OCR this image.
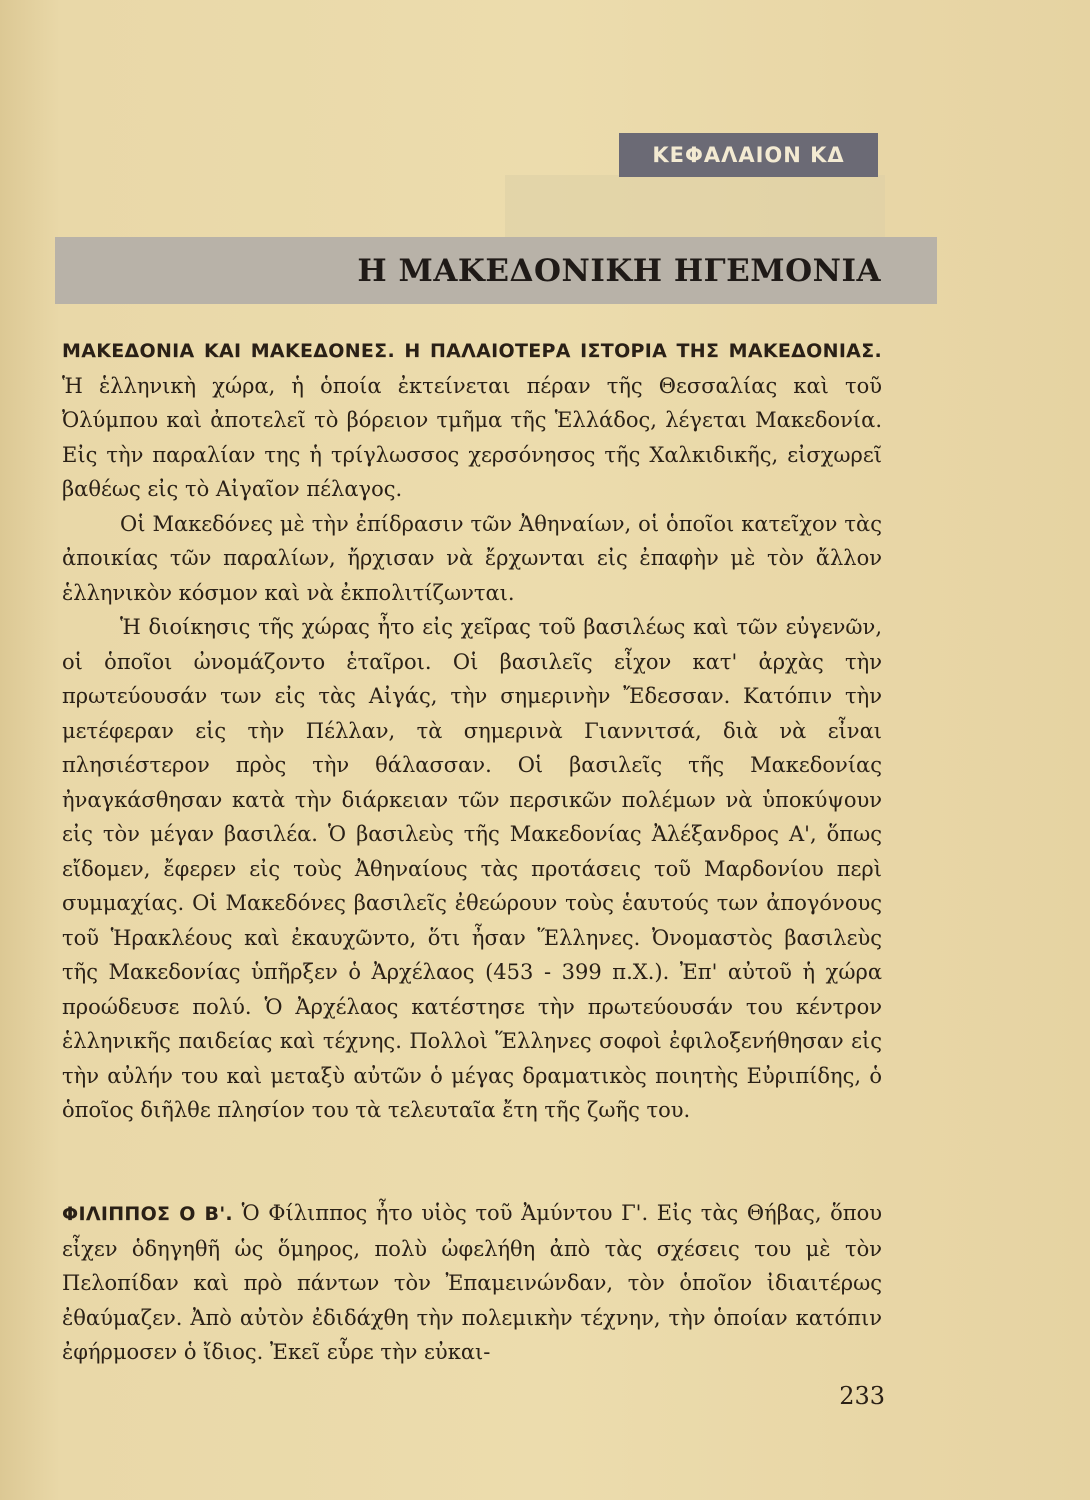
ΚΕΦΑΛΑΙΟΝ ΚΔ
Η ΜΑΚΕΔΟΝΙΚΗ ΗΓΕΜΟΝΙΑ

ΜΑΚΕΔΟΝΙΑ ΚΑΙ ΜΑΚΕΔΟΝΕΣ. Η ΠΑΛΑΙΟΤΕΡΑ ΙΣΤΟΡΙΑ ΤΗΣ ΜΑΚΕΔΟΝΙΑΣ. Ἡ ἑλληνικὴ χώρα, ἡ ὁποία ἐκτείνεται πέραν τῆς Θεσσαλίας καὶ τοῦ Ὀλύμπου καὶ ἀποτελεῖ τὸ βόρειον τμῆμα τῆς Ἑλλάδος, λέγεται Μακεδονία. Εἰς τὴν παραλίαν της ἡ τρίγλωσσος χερσόνησος τῆς Χαλκιδικῆς, εἰσχωρεῖ βαθέως εἰς τὸ Αἰγαῖον πέλαγος.

Οἱ Μακεδόνες μὲ τὴν ἐπίδρασιν τῶν Ἀθηναίων, οἱ ὁποῖοι κατεῖχον τὰς ἀποικίας τῶν παραλίων, ἤρχισαν νὰ ἔρχωνται εἰς ἐπαφὴν μὲ τὸν ἄλλον ἑλληνικὸν κόσμον καὶ νὰ ἐκπολιτίζωνται.

Ἡ διοίκησις τῆς χώρας ἦτο εἰς χεῖρας τοῦ βασιλέως καὶ τῶν εὐγενῶν, οἱ ὁποῖοι ὠνομάζοντο ἑταῖροι. Οἱ βασιλεῖς εἶχον κατ' ἀρχὰς τὴν πρωτεύουσάν των εἰς τὰς Αἰγάς, τὴν σημερινὴν Ἔδεσσαν. Κατόπιν τὴν μετέφεραν εἰς τὴν Πέλλαν, τὰ σημερινὰ Γιαννιτσά, διὰ νὰ εἶναι πλησιέστερον πρὸς τὴν θάλασσαν. Οἱ βασιλεῖς τῆς Μακεδονίας ἠναγκάσθησαν κατὰ τὴν διάρκειαν τῶν περσικῶν πολέμων νὰ ὑποκύψουν εἰς τὸν μέγαν βασιλέα. Ὁ βασιλεὺς τῆς Μακεδονίας Ἀλέξανδρος Α', ὅπως εἴδομεν, ἔφερεν εἰς τοὺς Ἀθηναίους τὰς προτάσεις τοῦ Μαρδονίου περὶ συμμαχίας. Οἱ Μακεδόνες βασιλεῖς ἐθεώρουν τοὺς ἑαυτούς των ἀπογόνους τοῦ Ἡρακλέους καὶ ἐκαυχῶντο, ὅτι ἦσαν Ἕλληνες. Ὀνομαστὸς βασιλεὺς τῆς Μακεδονίας ὑπῆρξεν ὁ Ἀρχέλαος (453 - 399 π.Χ.). Ἐπ' αὐτοῦ ἡ χώρα προώδευσε πολύ. Ὁ Ἀρχέλαος κατέστησε τὴν πρωτεύουσάν του κέντρον ἑλληνικῆς παιδείας καὶ τέχνης. Πολλοὶ Ἕλληνες σοφοὶ ἐφιλοξενήθησαν εἰς τὴν αὐλήν του καὶ μεταξὺ αὐτῶν ὁ μέγας δραματικὸς ποιητὴς Εὐριπίδης, ὁ ὁποῖος διῆλθε πλησίον του τὰ τελευταῖα ἔτη τῆς ζωῆς του.

ΦΙΛΙΠΠΟΣ Ο Β'. Ὁ Φίλιππος ἦτο υἱὸς τοῦ Ἀμύντου Γ'. Εἰς τὰς Θήβας, ὅπου εἶχεν ὁδηγηθῆ ὡς ὅμηρος, πολὺ ὠφελήθη ἀπὸ τὰς σχέσεις του μὲ τὸν Πελοπίδαν καὶ πρὸ πάντων τὸν Ἐπαμεινώνδαν, τὸν ὁποῖον ἰδιαιτέρως ἐθαύμαζεν. Ἀπὸ αὐτὸν ἐδιδάχθη τὴν πολεμικὴν τέχνην, τὴν ὁποίαν κατόπιν ἐφήρμοσεν ὁ ἴδιος. Ἐκεῖ εὗρε τὴν εὐκαι-

233
